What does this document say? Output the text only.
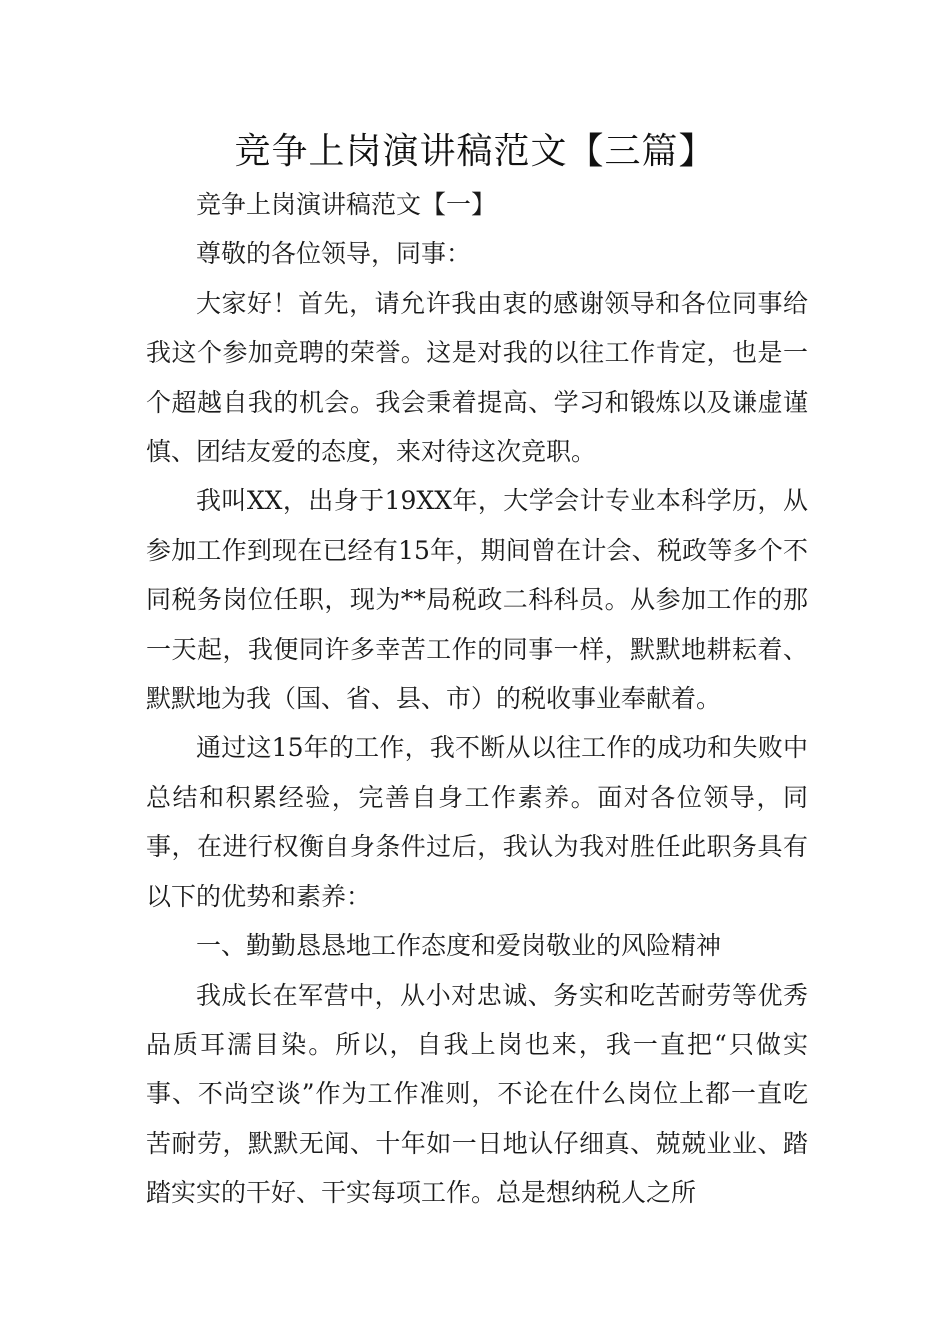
竞争上岗演讲稿范文【三篇】

竞争上岗演讲稿范文【一】

尊敬的各位领导，同事：

大家好！首先，请允许我由衷的感谢领导和各位同事给我这个参加竞聘的荣誉。这是对我的以往工作肯定，也是一个超越自我的机会。我会秉着提高、学习和锻炼以及谦虚谨慎、团结友爱的态度，来对待这次竞职。

我叫XX，出身于19XX年，大学会计专业本科学历，从参加工作到现在已经有15年，期间曾在计会、税政等多个不同税务岗位任职，现为**局税政二科科员。从参加工作的那一天起，我便同许多幸苦工作的同事一样，默默地耕耘着、默默地为我（国、省、县、市）的税收事业奉献着。

通过这15年的工作，我不断从以往工作的成功和失败中总结和积累经验，完善自身工作素养。面对各位领导，同事，在进行权衡自身条件过后，我认为我对胜任此职务具有以下的优势和素养：

一、勤勤恳恳地工作态度和爱岗敬业的风险精神

我成长在军营中，从小对忠诚、务实和吃苦耐劳等优秀品质耳濡目染。所以，自我上岗也来，我一直把“只做实事、不尚空谈”作为工作准则，不论在什么岗位上都一直吃苦耐劳，默默无闻、十年如一日地认仔细真、兢兢业业、踏踏实实的干好、干实每项工作。总是想纳税人之所
